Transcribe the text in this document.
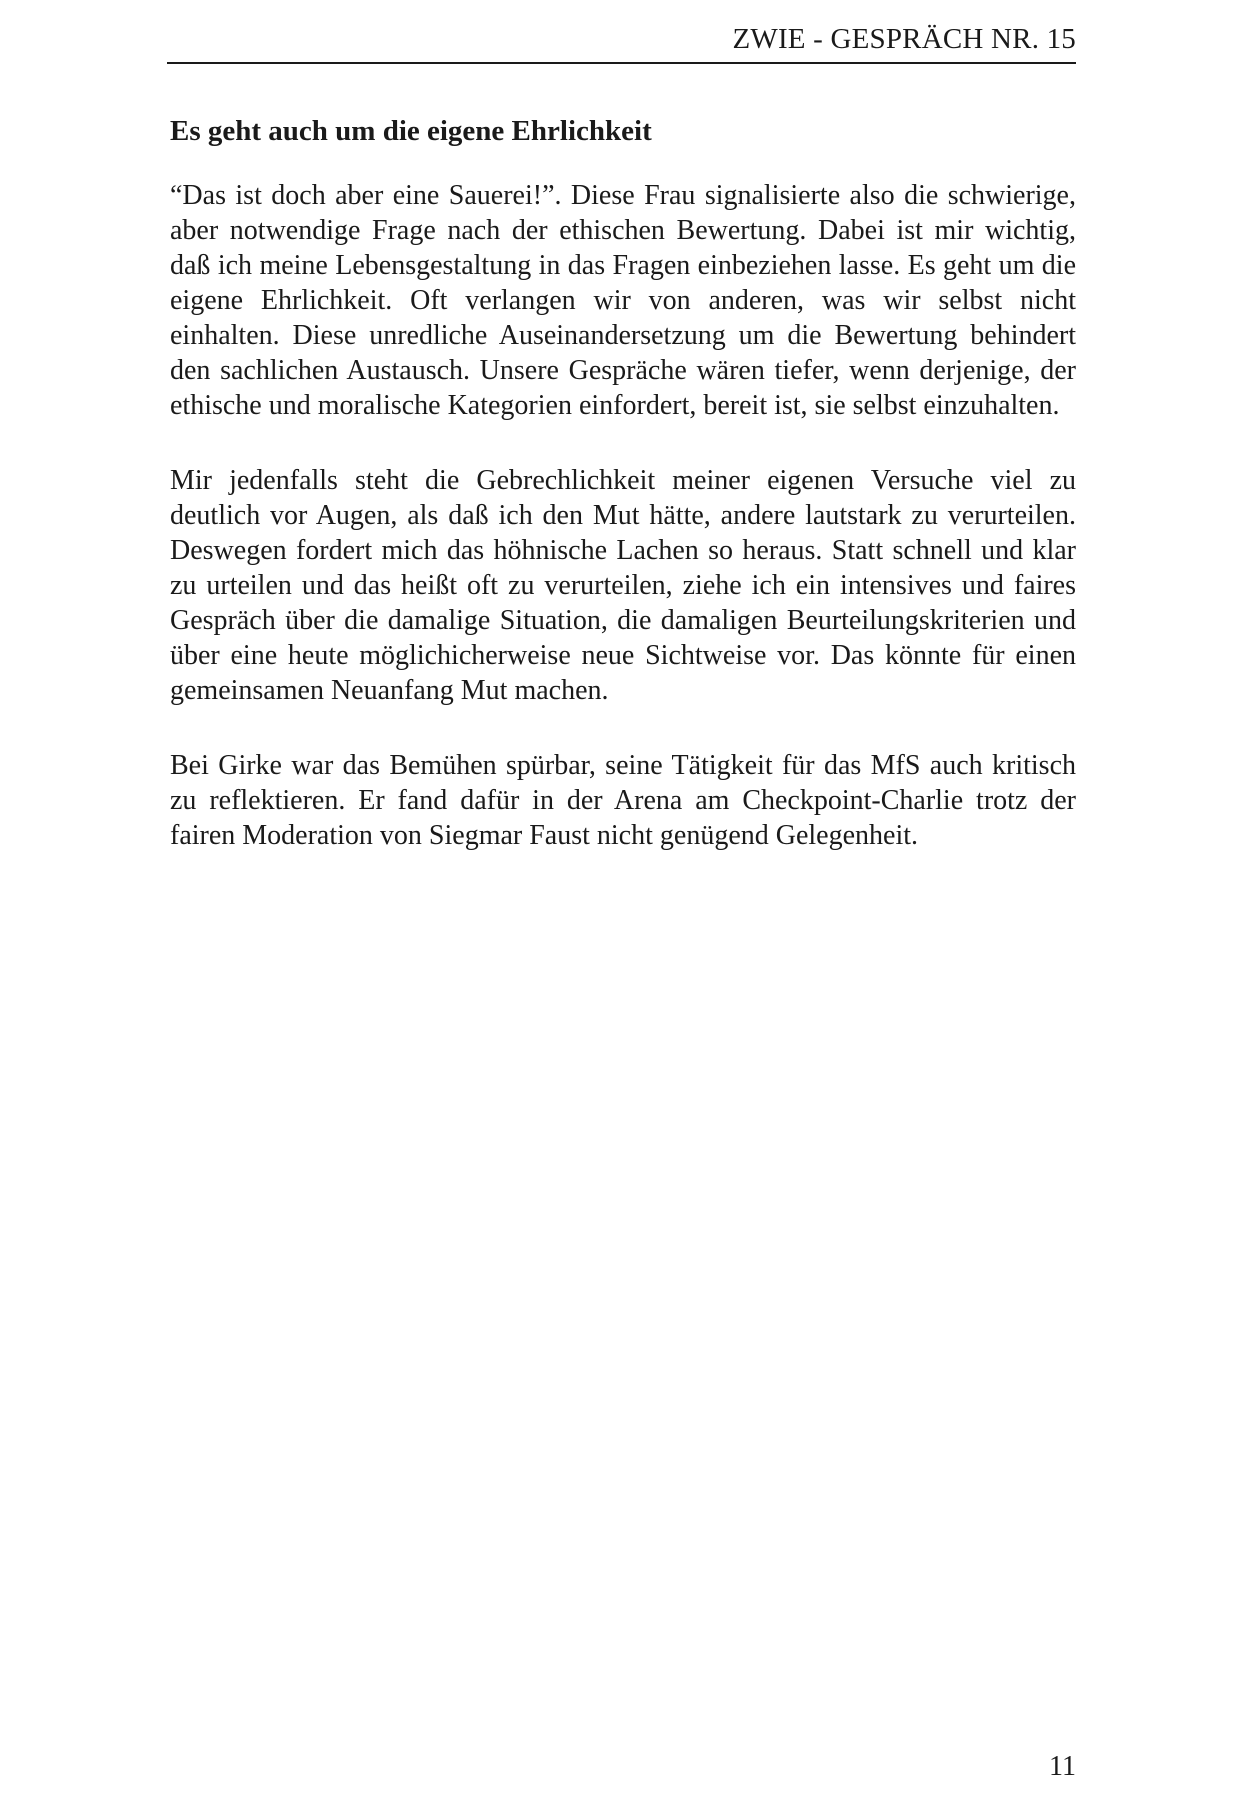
ZWIE - GESPRÄCH NR. 15
Es geht auch um die eigene Ehrlichkeit

“Das ist doch aber eine Sauerei!”. Diese Frau signalisierte also die schwierige, aber notwendige Frage nach der ethischen Bewertung. Dabei ist mir wichtig, daß ich meine Lebensgestaltung in das Fragen einbeziehen lasse. Es geht um die eigene Ehrlichkeit. Oft verlangen wir von anderen, was wir selbst nicht einhalten. Diese unredliche Auseinandersetzung um die Bewertung behindert den sachlichen Austausch. Unsere Gespräche wären tiefer, wenn derjenige, der ethische und moralische Kategorien einfordert, bereit ist, sie selbst einzuhalten.

Mir jedenfalls steht die Gebrechlichkeit meiner eigenen Versuche viel zu deutlich vor Augen, als daß ich den Mut hätte, andere lautstark zu verurteilen. Deswegen fordert mich das höhnische Lachen so heraus. Statt schnell und klar zu urteilen und das heißt oft zu verurteilen, ziehe ich ein intensives und faires Gespräch über die damalige Situation, die damaligen Beurteilungskriterien und über eine heute möglichicherweise neue Sichtweise vor. Das könnte für einen gemeinsamen Neuanfang Mut machen.

Bei Girke war das Bemühen spürbar, seine Tätigkeit für das MfS auch kritisch zu reflektieren. Er fand dafür in der Arena am Checkpoint-Charlie trotz der fairen Moderation von Siegmar Faust nicht genügend Gelegenheit.

11
